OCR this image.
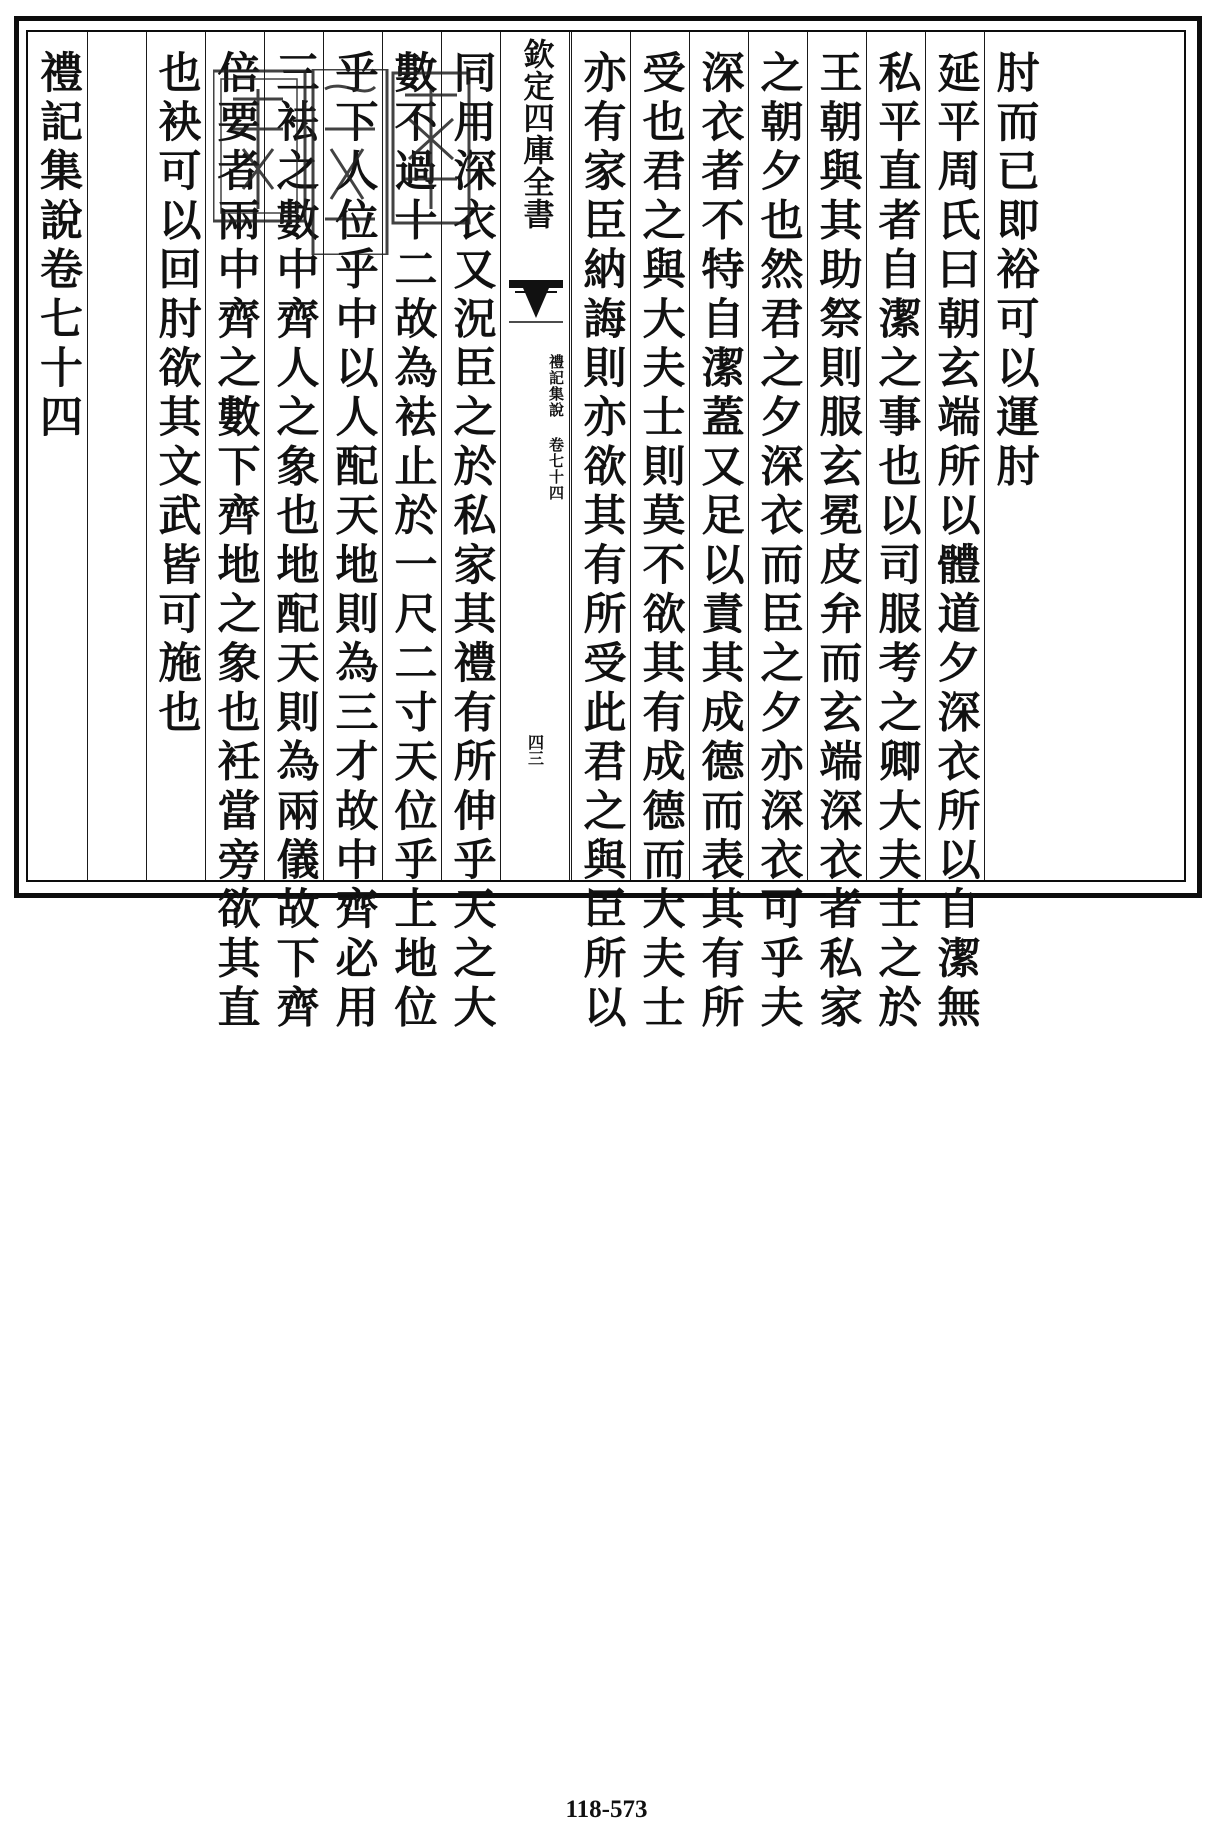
禮記集說卷七十四 也袂可以回肘欲其文武皆可施也 倍要者兩中齊之數下齊地之象也衽當旁欲其直 三袪之數中齊人之象也地配天則為兩儀故下齊 乎下人位乎中以人配天地則為三才故中齊必用 數不過十二故為袪止於一尺二寸天位乎上地位 同用深衣又況臣之於私家其禮有所伸乎天之大 欽定四庫全書
禮記集說 卷七十四
四三 亦有家臣納誨則亦欲其有所受此君之與臣所以 受也君之與大夫士則莫不欲其有成德而大夫士 深衣者不特自潔蓋又足以責其成德而表其有所 之朝夕也然君之夕深衣而臣之夕亦深衣可乎夫 王朝與其助祭則服玄冕皮弁而玄端深衣者私家 私平直者自潔之事也以司服考之卿大夫士之於 延平周氏曰朝玄端所以體道夕深衣所以自潔無 肘而已即裕可以運肘
118-573
